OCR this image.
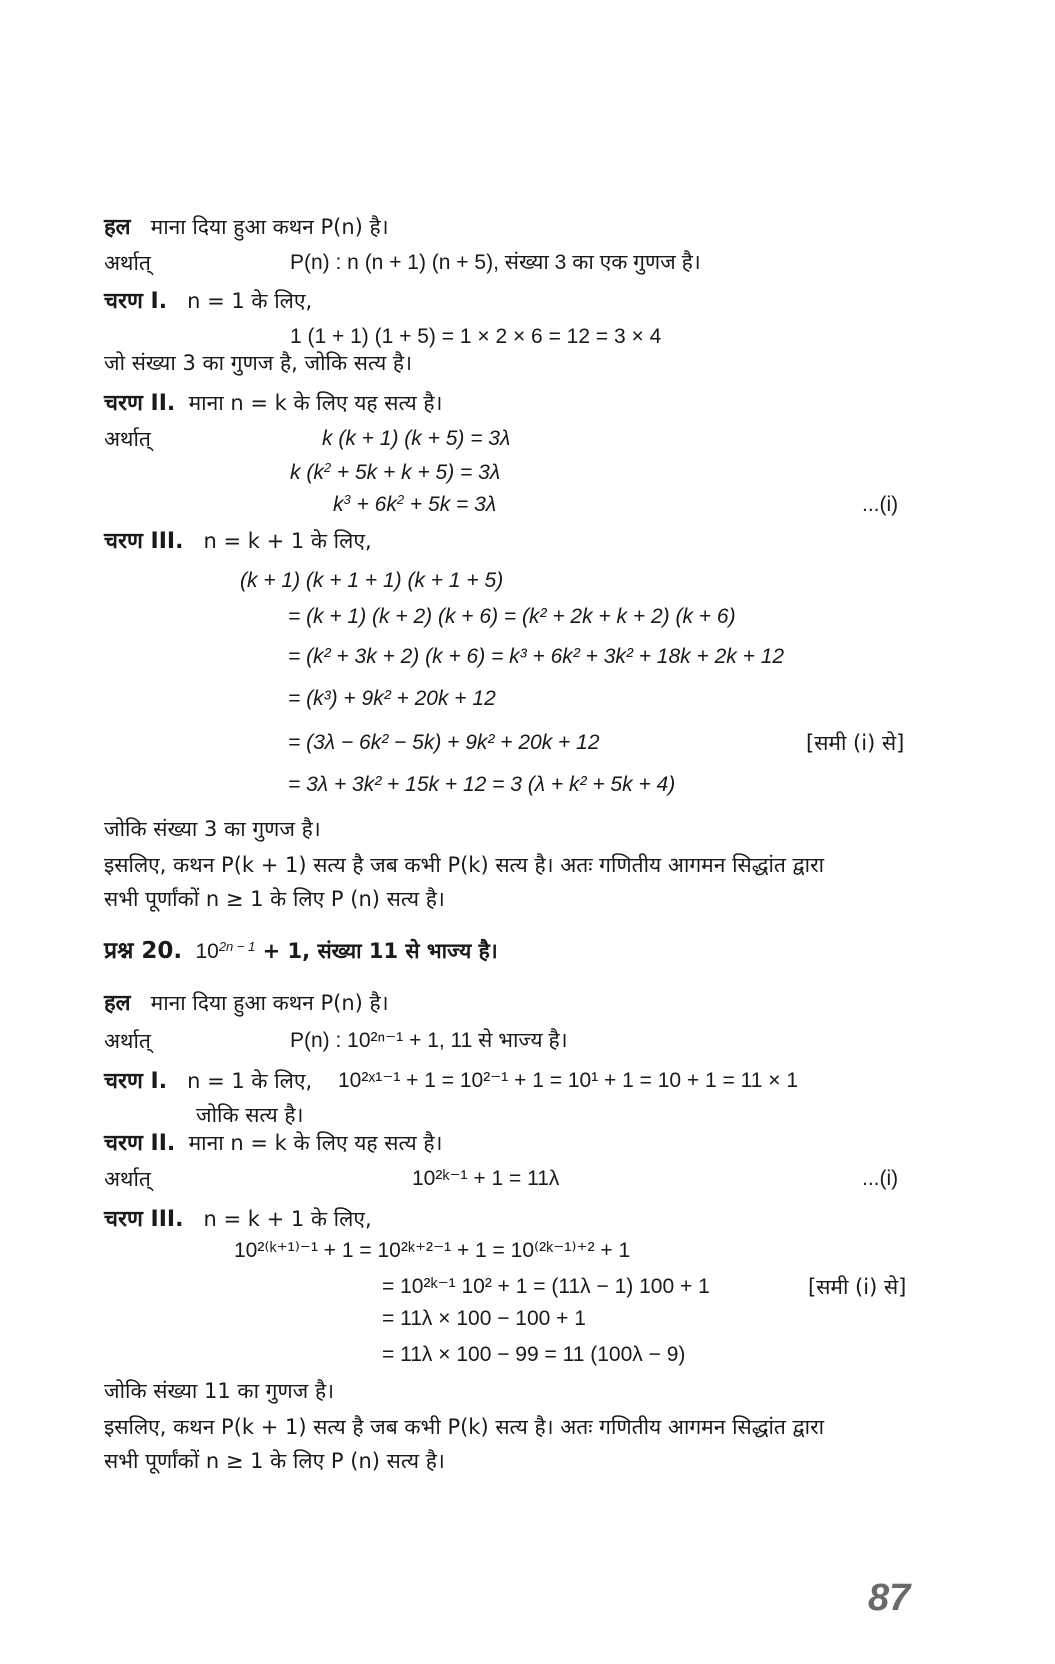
हल माना दिया हुआ कथन P(n) है।
अर्थात्	P(n) : n (n + 1) (n + 5), संख्या 3 का एक गुणज है।
चरण I. n = 1 के लिए,
1 (1 + 1) (1 + 5) = 1 × 2 × 6 = 12 = 3 × 4
जो संख्या 3 का गुणज है, जोकि सत्य है।
चरण II. माना n = k के लिए यह सत्य है।
अर्थात्	k (k + 1) (k + 5) = 3λ
k $(k^2 + 5k + k + 5) = 3\lambda$
$k^3 + 6k^2 + 5k = 3\lambda$	...(i)
चरण III. n = k + 1 के लिए,
(k + 1) (k + 1 + 1) (k + 1 + 5)
= (k + 1) (k + 2) (k + 6) = (k² + 2k + k + 2) (k + 6)
= (k² + 3k + 2) (k + 6) = k³ + 6k² + 3k² + 18k + 2k + 12
= (k³) + 9k² + 20k + 12
= (3λ − 6k² − 5k) + 9k² + 20k + 12	[समी (i) से]
= 3λ + 3k² + 15k + 12 = 3 (λ + k² + 5k + 4)
जोकि संख्या 3 का गुणज है।
इसलिए, कथन P(k + 1) सत्य है जब कभी P(k) सत्य है। अतः गणितीय आगमन सिद्धांत द्वारा
सभी पूर्णांकों n ≥ 1 के लिए P (n) सत्य है।
प्रश्न 20. $10^{2n - 1} + 1$, संख्या 11 से भाज्य है।
हल माना दिया हुआ कथन P(n) है।
अर्थात्	P(n) : 10²ⁿ⁻¹ + 1, 11 से भाज्य है।
चरण I. n = 1 के लिए, 10²ˣ¹⁻¹ + 1 = 10²⁻¹ + 1 = 10¹ + 1 = 10 + 1 = 11 × 1
जोकि सत्य है।
चरण II. माना n = k के लिए यह सत्य है।
अर्थात्	10²ᵏ⁻¹ + 1 = 11λ	...(i)
चरण III. n = k + 1 के लिए,
10²⁽ᵏ⁺¹⁾⁻¹ + 1 = 10²ᵏ⁺²⁻¹ + 1 = 10⁽²ᵏ⁻¹⁾⁺² + 1
= 10²ᵏ⁻¹ 10² + 1 = (11λ − 1) 100 + 1	[समी (i) से]
= 11λ × 100 − 100 + 1
= 11λ × 100 − 99 = 11 (100λ − 9)
जोकि संख्या 11 का गुणज है।
इसलिए, कथन P(k + 1) सत्य है जब कभी P(k) सत्य है। अतः गणितीय आगमन सिद्धांत द्वारा
सभी पूर्णांकों n ≥ 1 के लिए P (n) सत्य है।
87
